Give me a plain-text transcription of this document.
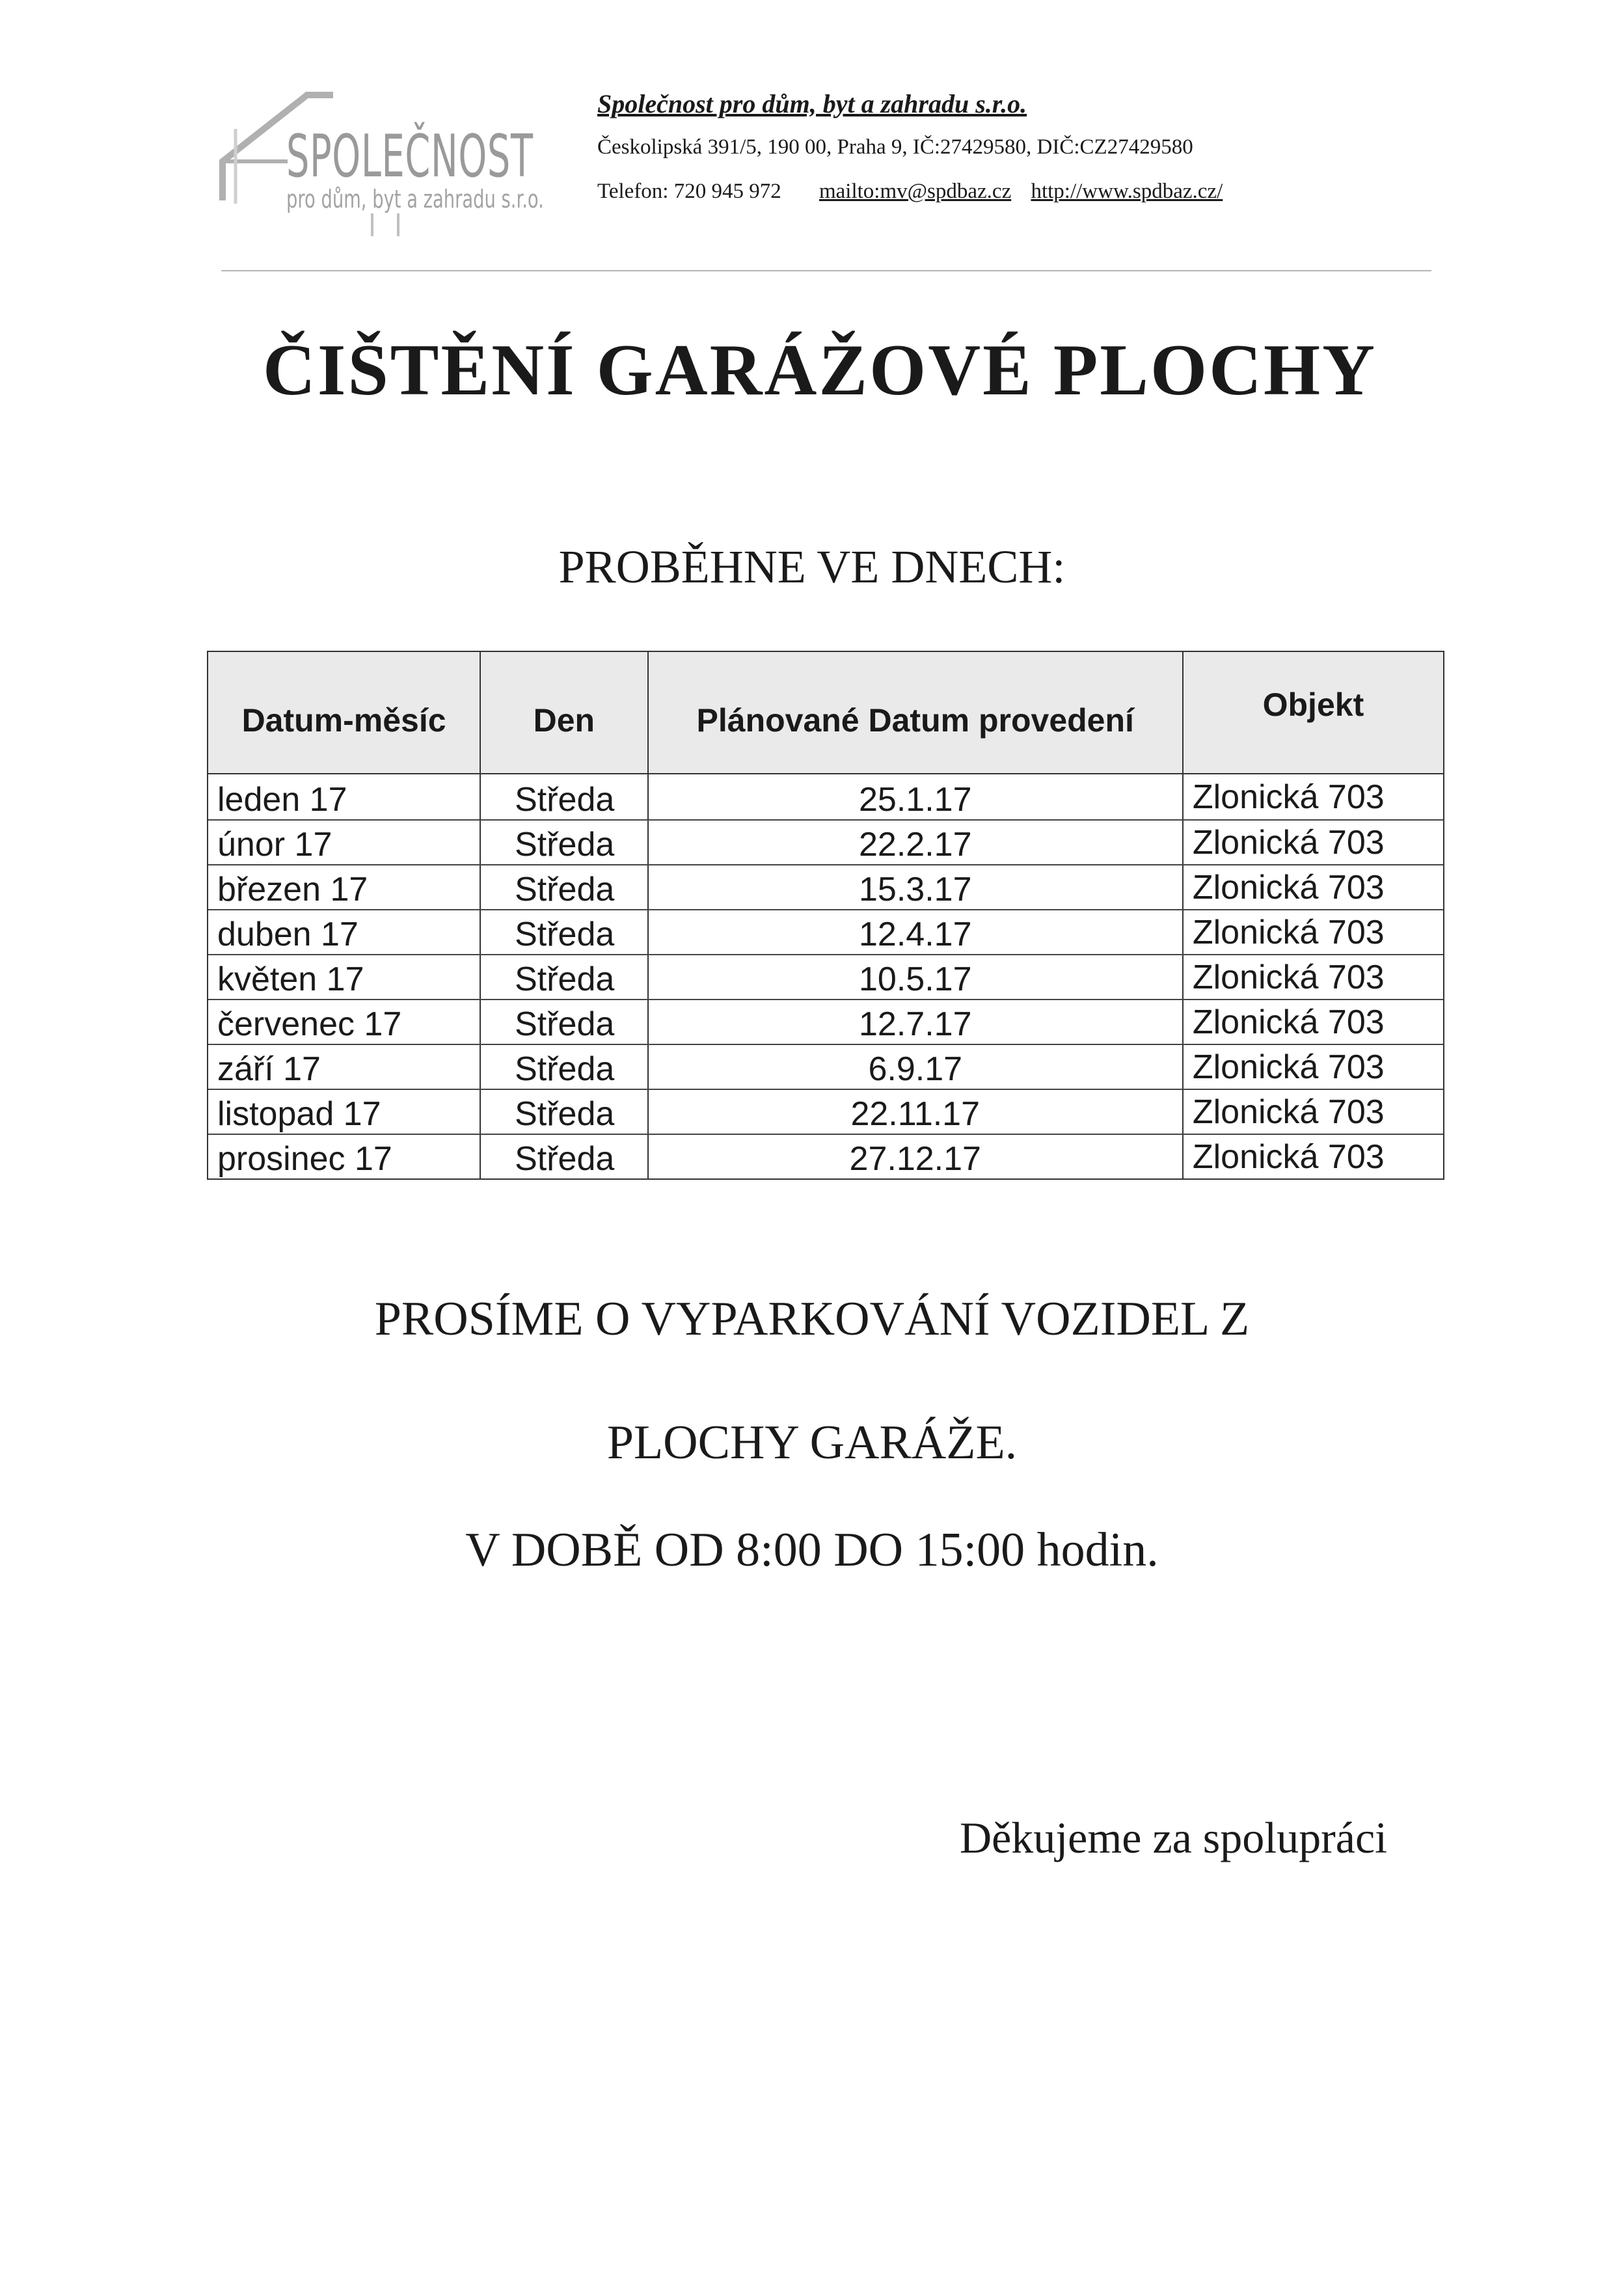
SPOLEČNOST
pro dům, byt a zahradu s.r.o.
Společnost pro dům, byt a zahradu s.r.o.
Českolipská 391/5, 190 00, Praha 9, IČ:27429580, DIČ:CZ27429580
Telefon: 720 945 972 mailto:mv@spdbaz.cz http://www.spdbaz.cz/
ČIŠTĚNÍ GARÁŽOVÉ PLOCHY
PROBĚHNE VE DNECH:
Datum-měsíc	Den	Plánované Datum provedení	Objekt
leden 17	Středa	25.1.17	Zlonická 703
únor 17	Středa	22.2.17	Zlonická 703
březen 17	Středa	15.3.17	Zlonická 703
duben 17	Středa	12.4.17	Zlonická 703
květen 17	Středa	10.5.17	Zlonická 703
červenec 17	Středa	12.7.17	Zlonická 703
září 17	Středa	6.9.17	Zlonická 703
listopad 17	Středa	22.11.17	Zlonická 703
prosinec 17	Středa	27.12.17	Zlonická 703
PROSÍME O VYPARKOVÁNÍ VOZIDEL Z
PLOCHY GARÁŽE.
V DOBĚ OD 8:00 DO 15:00 hodin.
Děkujeme za spolupráci
